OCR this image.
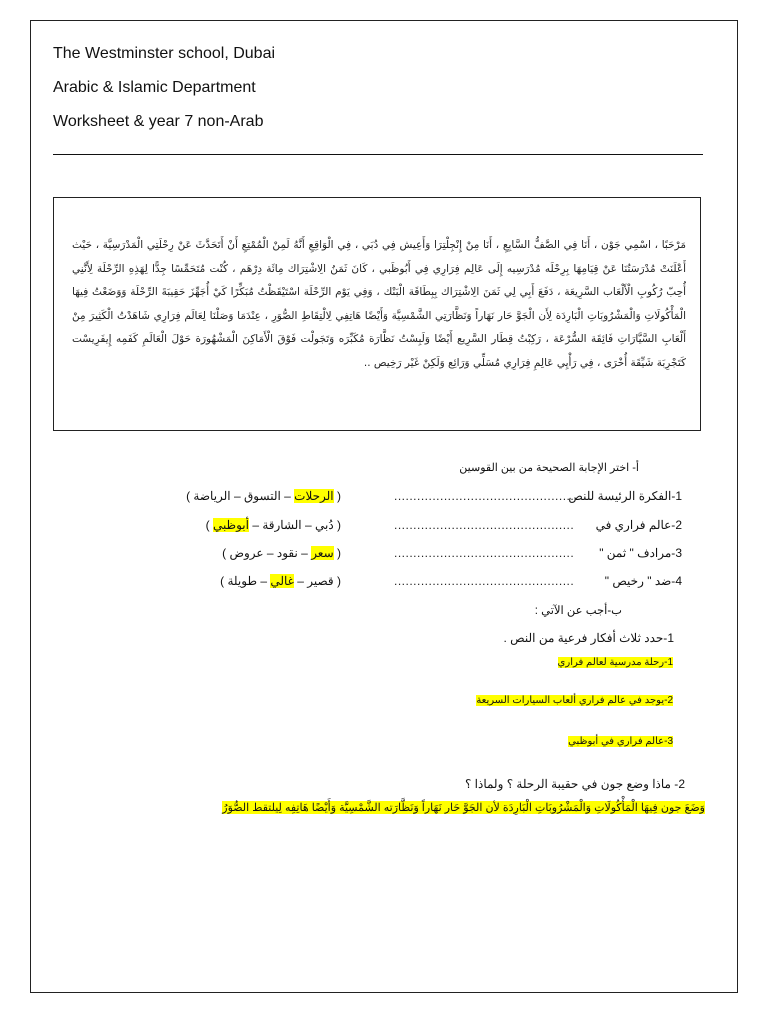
The Westminster school, Dubai
Arabic & Islamic Department
Worksheet & year 7 non-Arab
مَرْحَبًا ، اسْمِي جَوْن ، أَنَا فِي الصَّفُّ السَّابِعِ ، أَنَا مِنْ إِنْجِلْتِرَا وَأَعِيش فِي دُبَي ، فِي الْوَاقِعِ أَنَّهُ لَمِنْ الْمُمْتِعِ أَنْ أَتَحَدَّثَ عَنْ رِحْلَتِي الْمَدْرَسِيَّة ، حَيْث أَعْلَنَتْ مُدْرَسَتُنَا عَنْ قِيَامِهَا بِرِحْلَه مُدْرَسِيه إِلَى عَالِم فِرَارِي فِي أَبُوظَبي ، كَانَ ثَمَنُ الِاشْتِرَاك مِائَة دِرْهَم ، كُنْت مُتَحَمِّسًا جِدًّا لِهَذِهِ الرِّحْلَة لِأَنَّنِي أُحِبّ رُكُوبِ الْأَلْعَاب السَّرِيعَة ، دَفَعَ أَبِي لِي ثَمَنَ الِاشْتِرَاك بِبِطَاقَة الْبَنْك ، وَفِي يَوْم الرِّحْلَة اسْتَيْقَظْتُ مُبَكِّرًا كَيْ أُجَهِّزَ حَقِيبَةَ الرِّحْلَة وَوَضَعْتُ فِيهَا الْمَأْكُولَاتِ وَالْمَشْرُوبَاتِ الْبَارِدَة لِأَن الْجَوَّ حَار نَهَاراً وَنَظَّارَتِي الشَّمْسِيَّة وَأَيْضًا هَاتِفِي لِالْتِقَاطِ الصُّوَرِ ، عِنْدَمَا وَصَلْنَا لِعَالَم فِرَارِي شَاهَدْتُ الْكَثِيرَ مِنْ أَلْعَابِ السَّيَّارَاتِ فَائِقَة السُّرْعَة ، رَكِبْتُ قِطَار السَّرِيع أَيْضًا وَلَبِسْتُ نَظَّارَة مُكَبِّرَه وَتَجَولْت فَوْقَ الْأَمَاكِنَ الْمَشْهُورَة حَوْلَ الْعَالَمِ كَفَمِه إِيفَرِيسْت كَتَجْرِبَة شَيِّقَة أُخْرَى ، فِي رَأْيِي عَالِمِ فِرَارِي مُسَلِّي وَرَائِع وَلَكِنْ غَيْر رَخِيص ..
أ- اختر الإجابة الصحيحة من بين القوسين
1-الفكرة الرئيسة للنص
...............................................
( الرحلات – التسوق – الرياضة )
2-عالم فراري في
...............................................
( دُبي – الشارقة – أبوظبي )
3-مرادف " ثمن "
...............................................
( سعر – نقود – عروض )
4-ضد " رخيص "
...............................................
( قصير – غالي – طويلة )
ب-أجب عن الآتي :
1-حدد ثلاث أفكار فرعية من النص .
1-رحلة مدرسية لعالم فراري
2-يوجد في عالم فراري ألعاب السيارات السريعة
3-عالم فراري في أبوظبي
2- ماذا وضع جون في حقيبة الرحلة ؟ ولماذا ؟
وَضَعَ جون فِيهَا الْمَأْكُولَاتِ وَالْمَشْرُوبَاتِ الْبَارِدَة لأن الجَوَّ حَار نَهَاراً وَنَظَّارَته الشَّمْسِيَّة وَأَيْضًا هَاتِفِه لِيلتقط الصُّوَرُ
